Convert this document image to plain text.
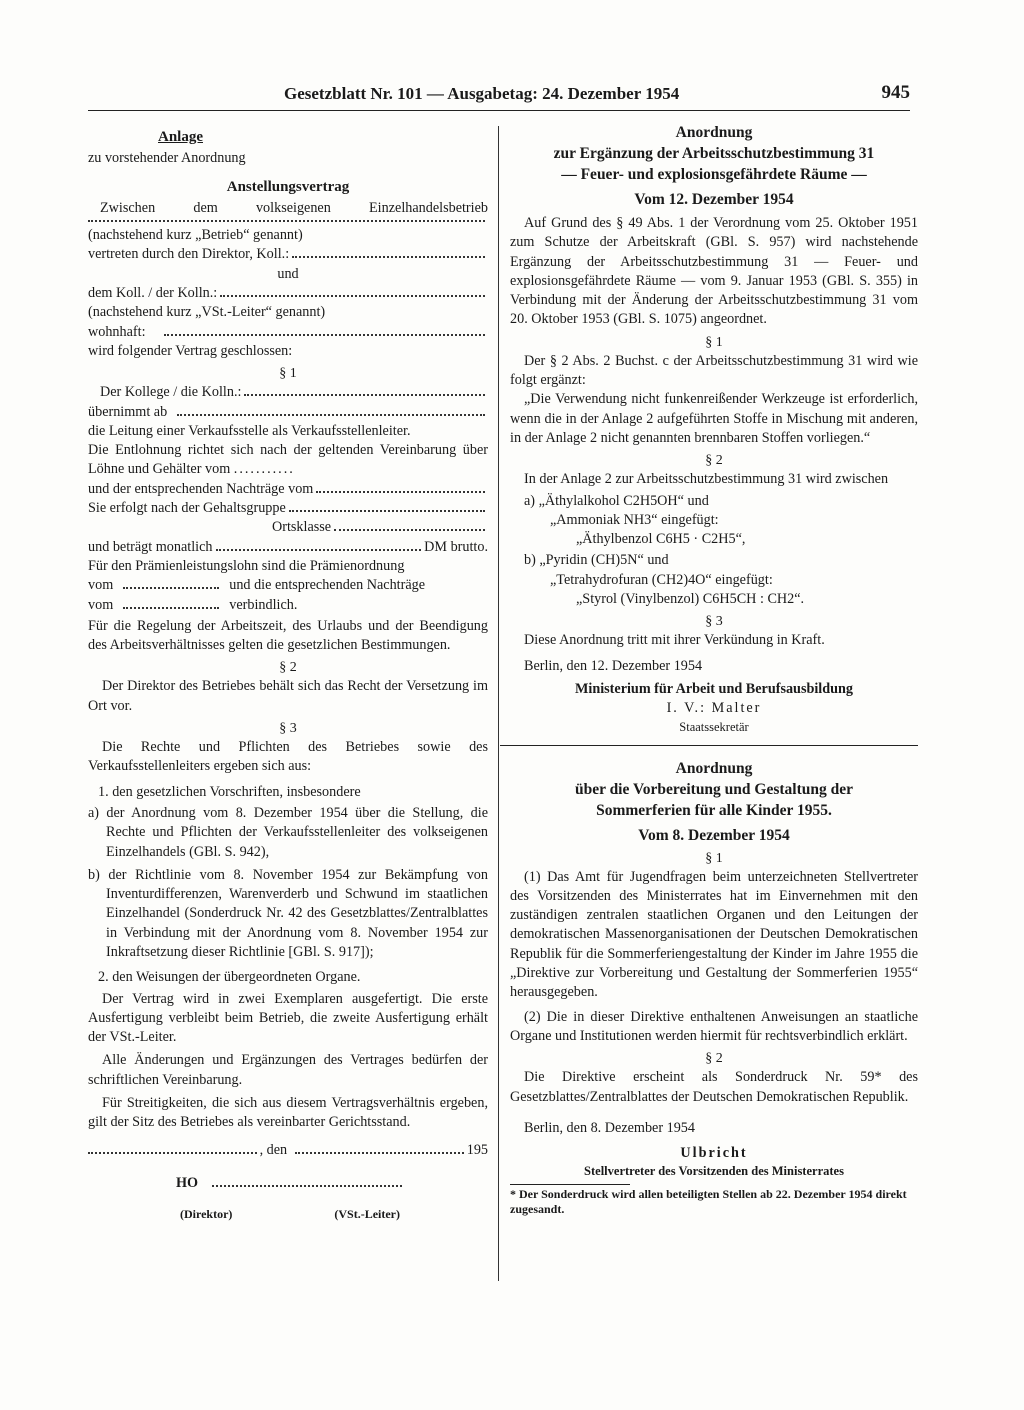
Gesetzblatt Nr. 101 — Ausgabetag: 24. Dezember 1954	945

Anlage

zu vorstehender Anordnung

Anstellungsvertrag

Zwischen dem volkseigenen Einzelhandelsbetrieb

(nachstehend kurz „Betrieb“ genannt)

vertreten durch den Direktor, Koll.:

und

dem Koll. / der Kolln.:

(nachstehend kurz „VSt.-Leiter“ genannt)

wohnhaft:

wird folgender Vertrag geschlossen:

§ 1

Der Kollege / die Kolln.:
übernimmt ab

die Leitung einer Verkaufsstelle als Verkaufsstellenleiter.

Die Entlohnung richtet sich nach der geltenden Vereinbarung über Löhne und Gehälter vom ...........

und der entsprechenden Nachträge vom
Sie erfolgt nach der Gehaltsgruppe
Ortsklasse
und beträgt monatlich	DM brutto.

Für den Prämienleistungslohn sind die Prämienordnung

vom	und die entsprechenden Nachträge
vom	verbindlich.

Für die Regelung der Arbeitszeit, des Urlaubs und der Beendigung des Arbeitsverhältnisses gelten die gesetzlichen Bestimmungen.

§ 2

Der Direktor des Betriebes behält sich das Recht der Versetzung im Ort vor.

§ 3

Die Rechte und Pflichten des Betriebes sowie des Verkaufsstellenleiters ergeben sich aus:

1. den gesetzlichen Vorschriften, insbesondere

a) der Anordnung vom 8. Dezember 1954 über die Stellung, die Rechte und Pflichten der Verkaufsstellenleiter des volkseigenen Einzelhandels (GBl. S. 942),

b) der Richtlinie vom 8. November 1954 zur Bekämpfung von Inventurdifferenzen, Warenverderb und Schwund im staatlichen Einzelhandel (Sonderdruck Nr. 42 des Gesetzblattes/Zentralblattes in Verbindung mit der Anordnung vom 8. November 1954 zur Inkraftsetzung dieser Richtlinie [GBl. S. 917]);

2. den Weisungen der übergeordneten Organe.

Der Vertrag wird in zwei Exemplaren ausgefertigt. Die erste Ausfertigung verbleibt beim Betrieb, die zweite Ausfertigung erhält der VSt.-Leiter.

Alle Änderungen und Ergänzungen des Vertrages bedürfen der schriftlichen Vereinbarung.

Für Streitigkeiten, die sich aus diesem Vertragsverhältnis ergeben, gilt der Sitz des Betriebes als vereinbarter Gerichtsstand.

, den	195
HO
(Direktor)	(VSt.-Leiter)

Anordnung

zur Ergänzung der Arbeitsschutzbestimmung 31

— Feuer- und explosionsgefährdete Räume —

Vom 12. Dezember 1954

Auf Grund des § 49 Abs. 1 der Verordnung vom 25. Oktober 1951 zum Schutze der Arbeitskraft (GBl. S. 957) wird nachstehende Ergänzung der Arbeitsschutzbestimmung 31 — Feuer- und explosionsgefährdete Räume — vom 9. Januar 1953 (GBl. S. 355) in Verbindung mit der Änderung der Arbeitsschutzbestimmung 31 vom 20. Oktober 1953 (GBl. S. 1075) angeordnet.

§ 1

Der § 2 Abs. 2 Buchst. c der Arbeitsschutzbestimmung 31 wird wie folgt ergänzt:

„Die Verwendung nicht funkenreißender Werkzeuge ist erforderlich, wenn die in der Anlage 2 aufgeführten Stoffe in Mischung mit anderen, in der Anlage 2 nicht genannten brennbaren Stoffen vorliegen.“

§ 2

In der Anlage 2 zur Arbeitsschutzbestimmung 31 wird zwischen

a) „Äthylalkohol C2H5OH“ und

„Ammoniak NH3“ eingefügt:

„Äthylbenzol C6H5 · C2H5“,

b) „Pyridin (CH)5N“ und

„Tetrahydrofuran (CH2)4O“ eingefügt:

„Styrol (Vinylbenzol) C6H5CH : CH2“.

§ 3

Diese Anordnung tritt mit ihrer Verkündung in Kraft.

Berlin, den 12. Dezember 1954

Ministerium für Arbeit und Berufsausbildung

I. V.: Malter

Staatssekretär

Anordnung

über die Vorbereitung und Gestaltung der

Sommerferien für alle Kinder 1955.

Vom 8. Dezember 1954

§ 1

(1) Das Amt für Jugendfragen beim unterzeichneten Stellvertreter des Vorsitzenden des Ministerrates hat im Einvernehmen mit den zuständigen zentralen staatlichen Organen und den Leitungen der demokratischen Massenorganisationen der Deutschen Demokratischen Republik für die Sommerferiengestaltung der Kinder im Jahre 1955 die „Direktive zur Vorbereitung und Gestaltung der Sommerferien 1955“ herausgegeben.

(2) Die in dieser Direktive enthaltenen Anweisungen an staatliche Organe und Institutionen werden hiermit für rechtsverbindlich erklärt.

§ 2

Die Direktive erscheint als Sonderdruck Nr. 59* des Gesetzblattes/Zentralblattes der Deutschen Demokratischen Republik.

Berlin, den 8. Dezember 1954

Ulbricht

Stellvertreter des Vorsitzenden des Ministerrates

* Der Sonderdruck wird allen beteiligten Stellen ab 22. Dezember 1954 direkt zugesandt.
